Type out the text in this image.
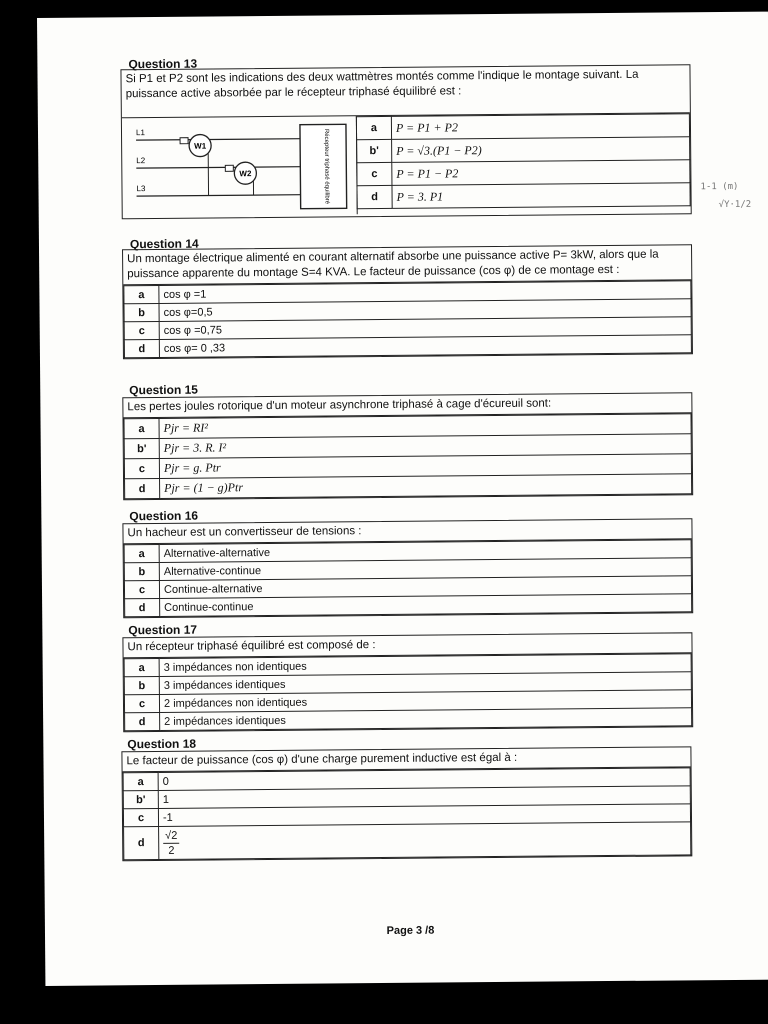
Question 13
Si P1 et P2 sont les indications des deux wattmètres montés comme l'indique le montage suivant. La puissance active absorbée par le récepteur triphasé équilibré est :
L1
L2
L3
W1
W2	Récepteur triphasé équilibré
a	P = P1 + P2
b'	P = √3.(P1 − P2)
c	P = P1 − P2
d	P = 3. P1
1-1 (m)
√Y·1/2
Question 14
Un montage électrique alimenté en courant alternatif absorbe une puissance active P= 3kW, alors que la puissance apparente du montage S=4 KVA. Le facteur de puissance (cos φ) de ce montage est :
a	cos φ =1
b	cos φ=0,5
c	cos φ =0,75
d	cos φ= 0 ,33
Question 15
Les pertes joules rotorique d'un moteur asynchrone triphasé à cage d'écureuil sont:
a	Pjr = RI²
b'	Pjr = 3. R. I²
c	Pjr = g. Ptr
d	Pjr = (1 − g)Ptr
Question 16
Un hacheur est un convertisseur de tensions :
a	Alternative-alternative
b	Alternative-continue
c	Continue-alternative
d	Continue-continue
Question 17
Un récepteur triphasé équilibré est composé de :
a	3 impédances non identiques
b	3 impédances identiques
c	2 impédances non identiques
d	2 impédances identiques
Question 18
Le facteur de puissance (cos φ) d'une charge purement inductive est égal à :
a	0
b'	1
c	-1
d	$\frac{√2}{2}$
Page 3 /8
